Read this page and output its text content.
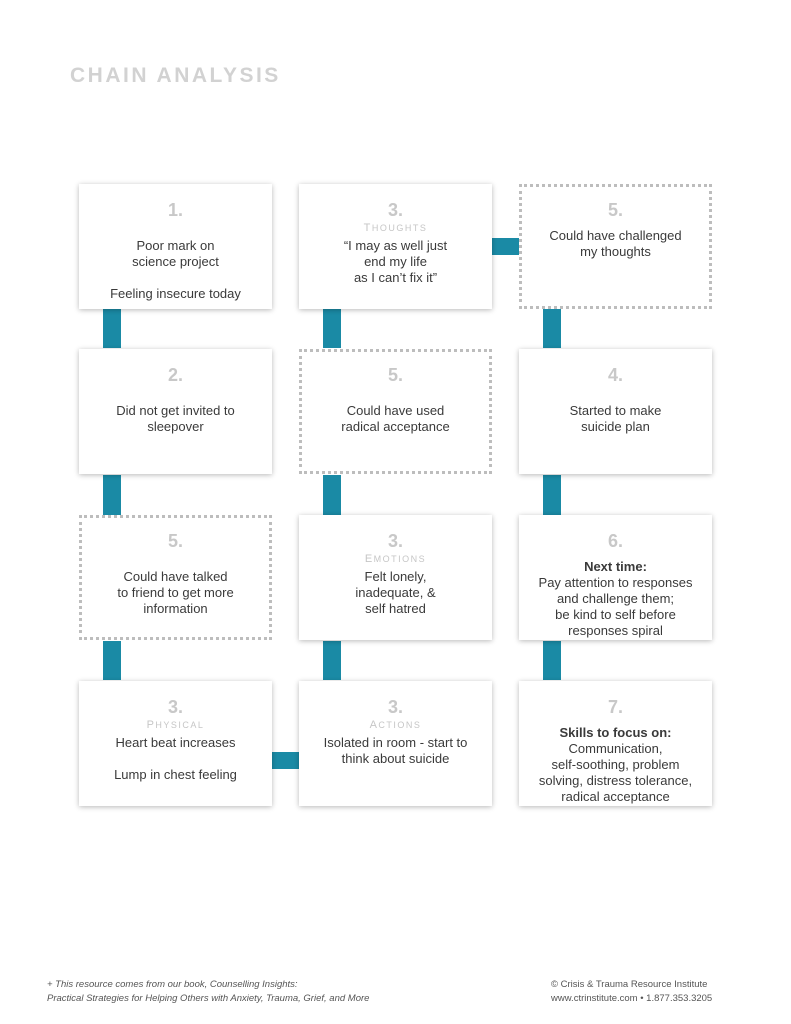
CHAIN ANALYSIS
1.
Poor mark on
science project

Feeling insecure today
2.
Did not get invited to
sleepover
5.
Could have talked
to friend to get more
information
3.
PHYSICAL
Heart beat increases

Lump in chest feeling
3.
THOUGHTS
“I may as well just
end my life
as I can’t fix it”
5.
Could have used
radical acceptance
3.
EMOTIONS
Felt lonely,
inadequate, &
self hatred
3.
ACTIONS
Isolated in room - start to
think about suicide
5.
Could have challenged
my thoughts
4.
Started to make
suicide plan
6.
Next time:
Pay attention to responses
and challenge them;
be kind to self before
responses spiral
7.
Skills to focus on:
Communication,
self-soothing, problem
solving, distress tolerance,
radical acceptance
+ This resource comes from our book, Counselling Insights:
Practical Strategies for Helping Others with Anxiety, Trauma, Grief, and More
© Crisis & Trauma Resource Institute
www.ctrinstitute.com • 1.877.353.3205
